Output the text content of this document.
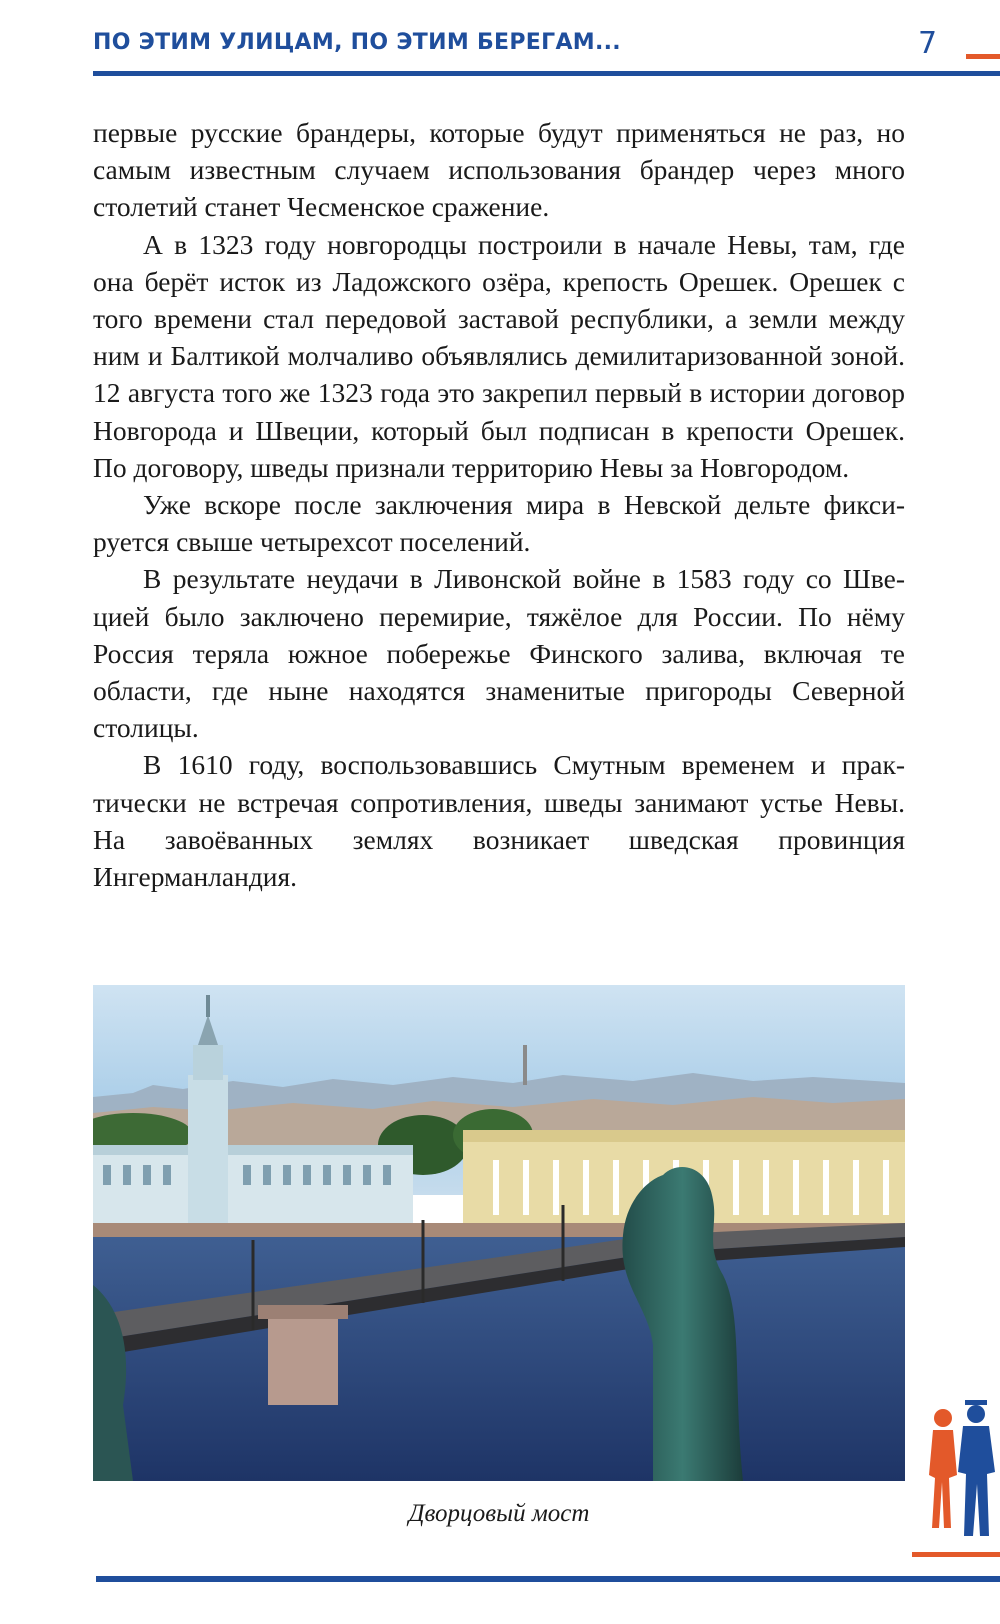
ПО ЭТИМ УЛИЦАМ, ПО ЭТИМ БЕРЕГАМ...	7

первые русские брандеры, которые будут применяться не раз, но самым известным случаем использования брандер через много столетий станет Чесменское сражение.

А в 1323 году новгородцы построили в начале Невы, там, где она берёт исток из Ладожского озёра, крепость Орешек. Орешек с того времени стал передовой заставой республики, а земли между ним и Балтикой молчаливо объявлялись демилитаризованной зоной. 12 августа того же 1323 года это закрепил первый в истории договор Новгорода и Швеции, который был подписан в крепости Орешек. По договору, шведы признали территорию Невы за Новгородом.

Уже вскоре после заключения мира в Невской дельте фиксируется свыше четырехсот поселений.

В результате неудачи в Ливонской войне в 1583 году со Швецией было заключено перемирие, тяжёлое для России. По нёму Россия теряла южное побережье Финского залива, включая те области, где ныне находятся знаменитые пригороды Северной столицы.

В 1610 году, воспользовавшись Смутным временем и практически не встречая сопротивления, шведы занимают устье Невы. На завоёванных землях возникает шведская провинция Ингерманландия.

Дворцовый мост
